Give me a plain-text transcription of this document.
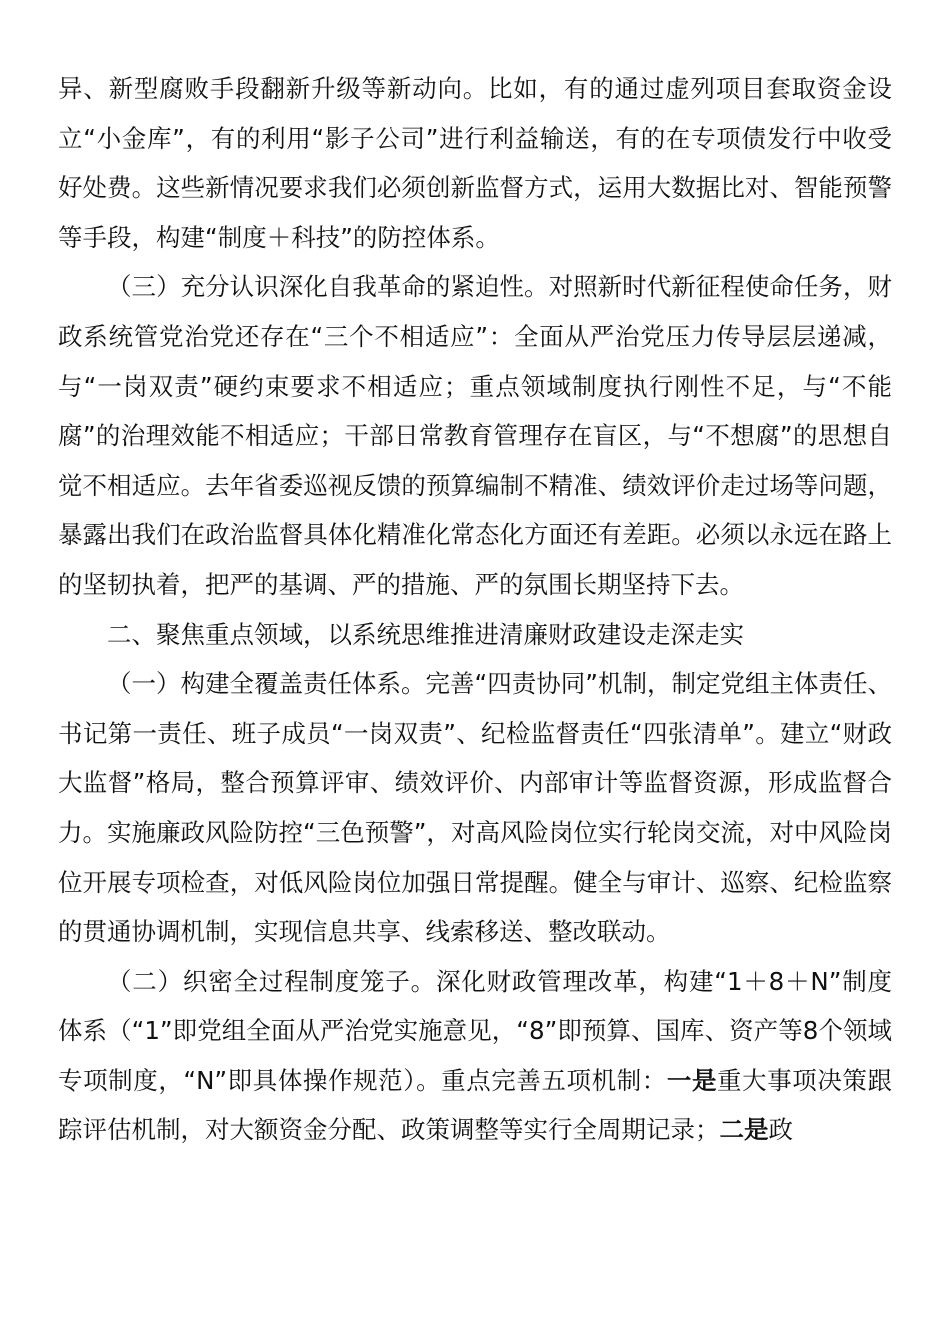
异、新型腐败手段翻新升级等新动向。比如，有的通过虚列项目套取资金设立“小金库”，有的利用“影子公司”进行利益输送，有的在专项债发行中收受好处费。这些新情况要求我们必须创新监督方式，运用大数据比对、智能预警等手段，构建“制度＋科技”的防控体系。

（三）充分认识深化自我革命的紧迫性。对照新时代新征程使命任务，财政系统管党治党还存在“三个不相适应”：全面从严治党压力传导层层递减，与“一岗双责”硬约束要求不相适应；重点领域制度执行刚性不足，与“不能腐”的治理效能不相适应；干部日常教育管理存在盲区，与“不想腐”的思想自觉不相适应。去年省委巡视反馈的预算编制不精准、绩效评价走过场等问题，暴露出我们在政治监督具体化精准化常态化方面还有差距。必须以永远在路上的坚韧执着，把严的基调、严的措施、严的氛围长期坚持下去。

二、聚焦重点领域，以系统思维推进清廉财政建设走深走实

（一）构建全覆盖责任体系。完善“四责协同”机制，制定党组主体责任、书记第一责任、班子成员“一岗双责”、纪检监督责任“四张清单”。建立“财政大监督”格局，整合预算评审、绩效评价、内部审计等监督资源，形成监督合力。实施廉政风险防控“三色预警”，对高风险岗位实行轮岗交流，对中风险岗位开展专项检查，对低风险岗位加强日常提醒。健全与审计、巡察、纪检监察的贯通协调机制，实现信息共享、线索移送、整改联动。

（二）织密全过程制度笼子。深化财政管理改革，构建“1＋8＋N”制度体系（“1”即党组全面从严治党实施意见，“8”即预算、国库、资产等8个领域专项制度，“N”即具体操作规范）。重点完善五项机制：一是重大事项决策跟踪评估机制，对大额资金分配、政策调整等实行全周期记录；二是政
